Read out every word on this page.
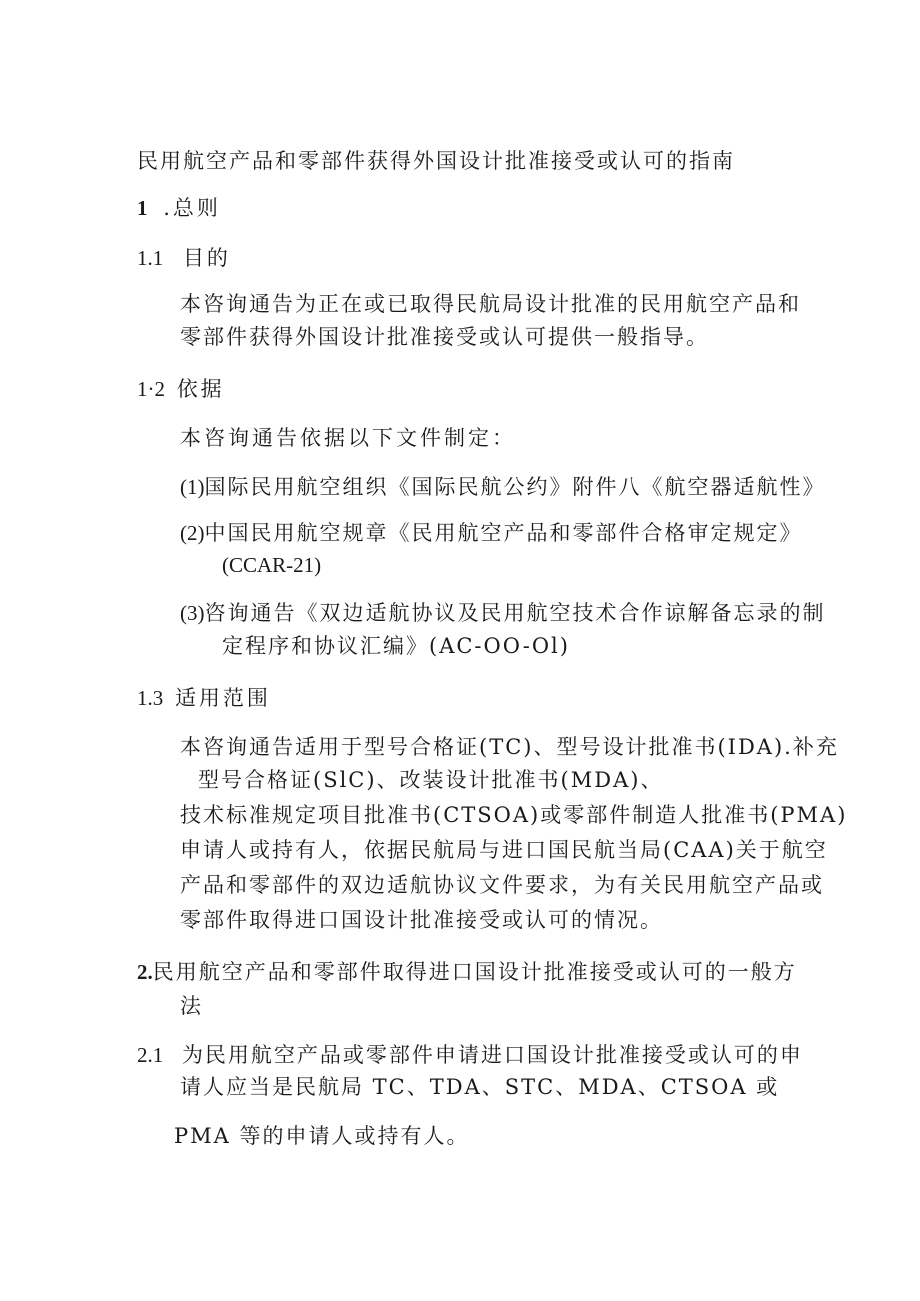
民用航空产品和零部件获得外国设计批准接受或认可的指南
1 .总则
1.1 目的
本咨询通告为正在或已取得民航局设计批准的民用航空产品和
零部件获得外国设计批准接受或认可提供一般指导。
1·2 依据
本咨询通告依据以下文件制定：
(1)国际民用航空组织《国际民航公约》附件八《航空器适航性》
(2)中国民用航空规章《民用航空产品和零部件合格审定规定》
(CCAR-21)
(3)咨询通告《双边适航协议及民用航空技术合作谅解备忘录的制
定程序和协议汇编》(AC-OO-Ol)
1.3 适用范围
本咨询通告适用于型号合格证(TC)、型号设计批准书(IDA).补充
型号合格证(SlC)、改装设计批准书(MDA)、
技术标准规定项目批准书(CTSOA)或零部件制造人批准书(PMA)
申请人或持有人，依据民航局与进口国民航当局(CAA)关于航空
产品和零部件的双边适航协议文件要求，为有关民用航空产品或
零部件取得进口国设计批准接受或认可的情况。
2.民用航空产品和零部件取得进口国设计批准接受或认可的一般方
法
2.1 为民用航空产品或零部件申请进口国设计批准接受或认可的申
请人应当是民航局 TC、TDA、STC、MDA、CTSOA 或
PMA 等的申请人或持有人。
